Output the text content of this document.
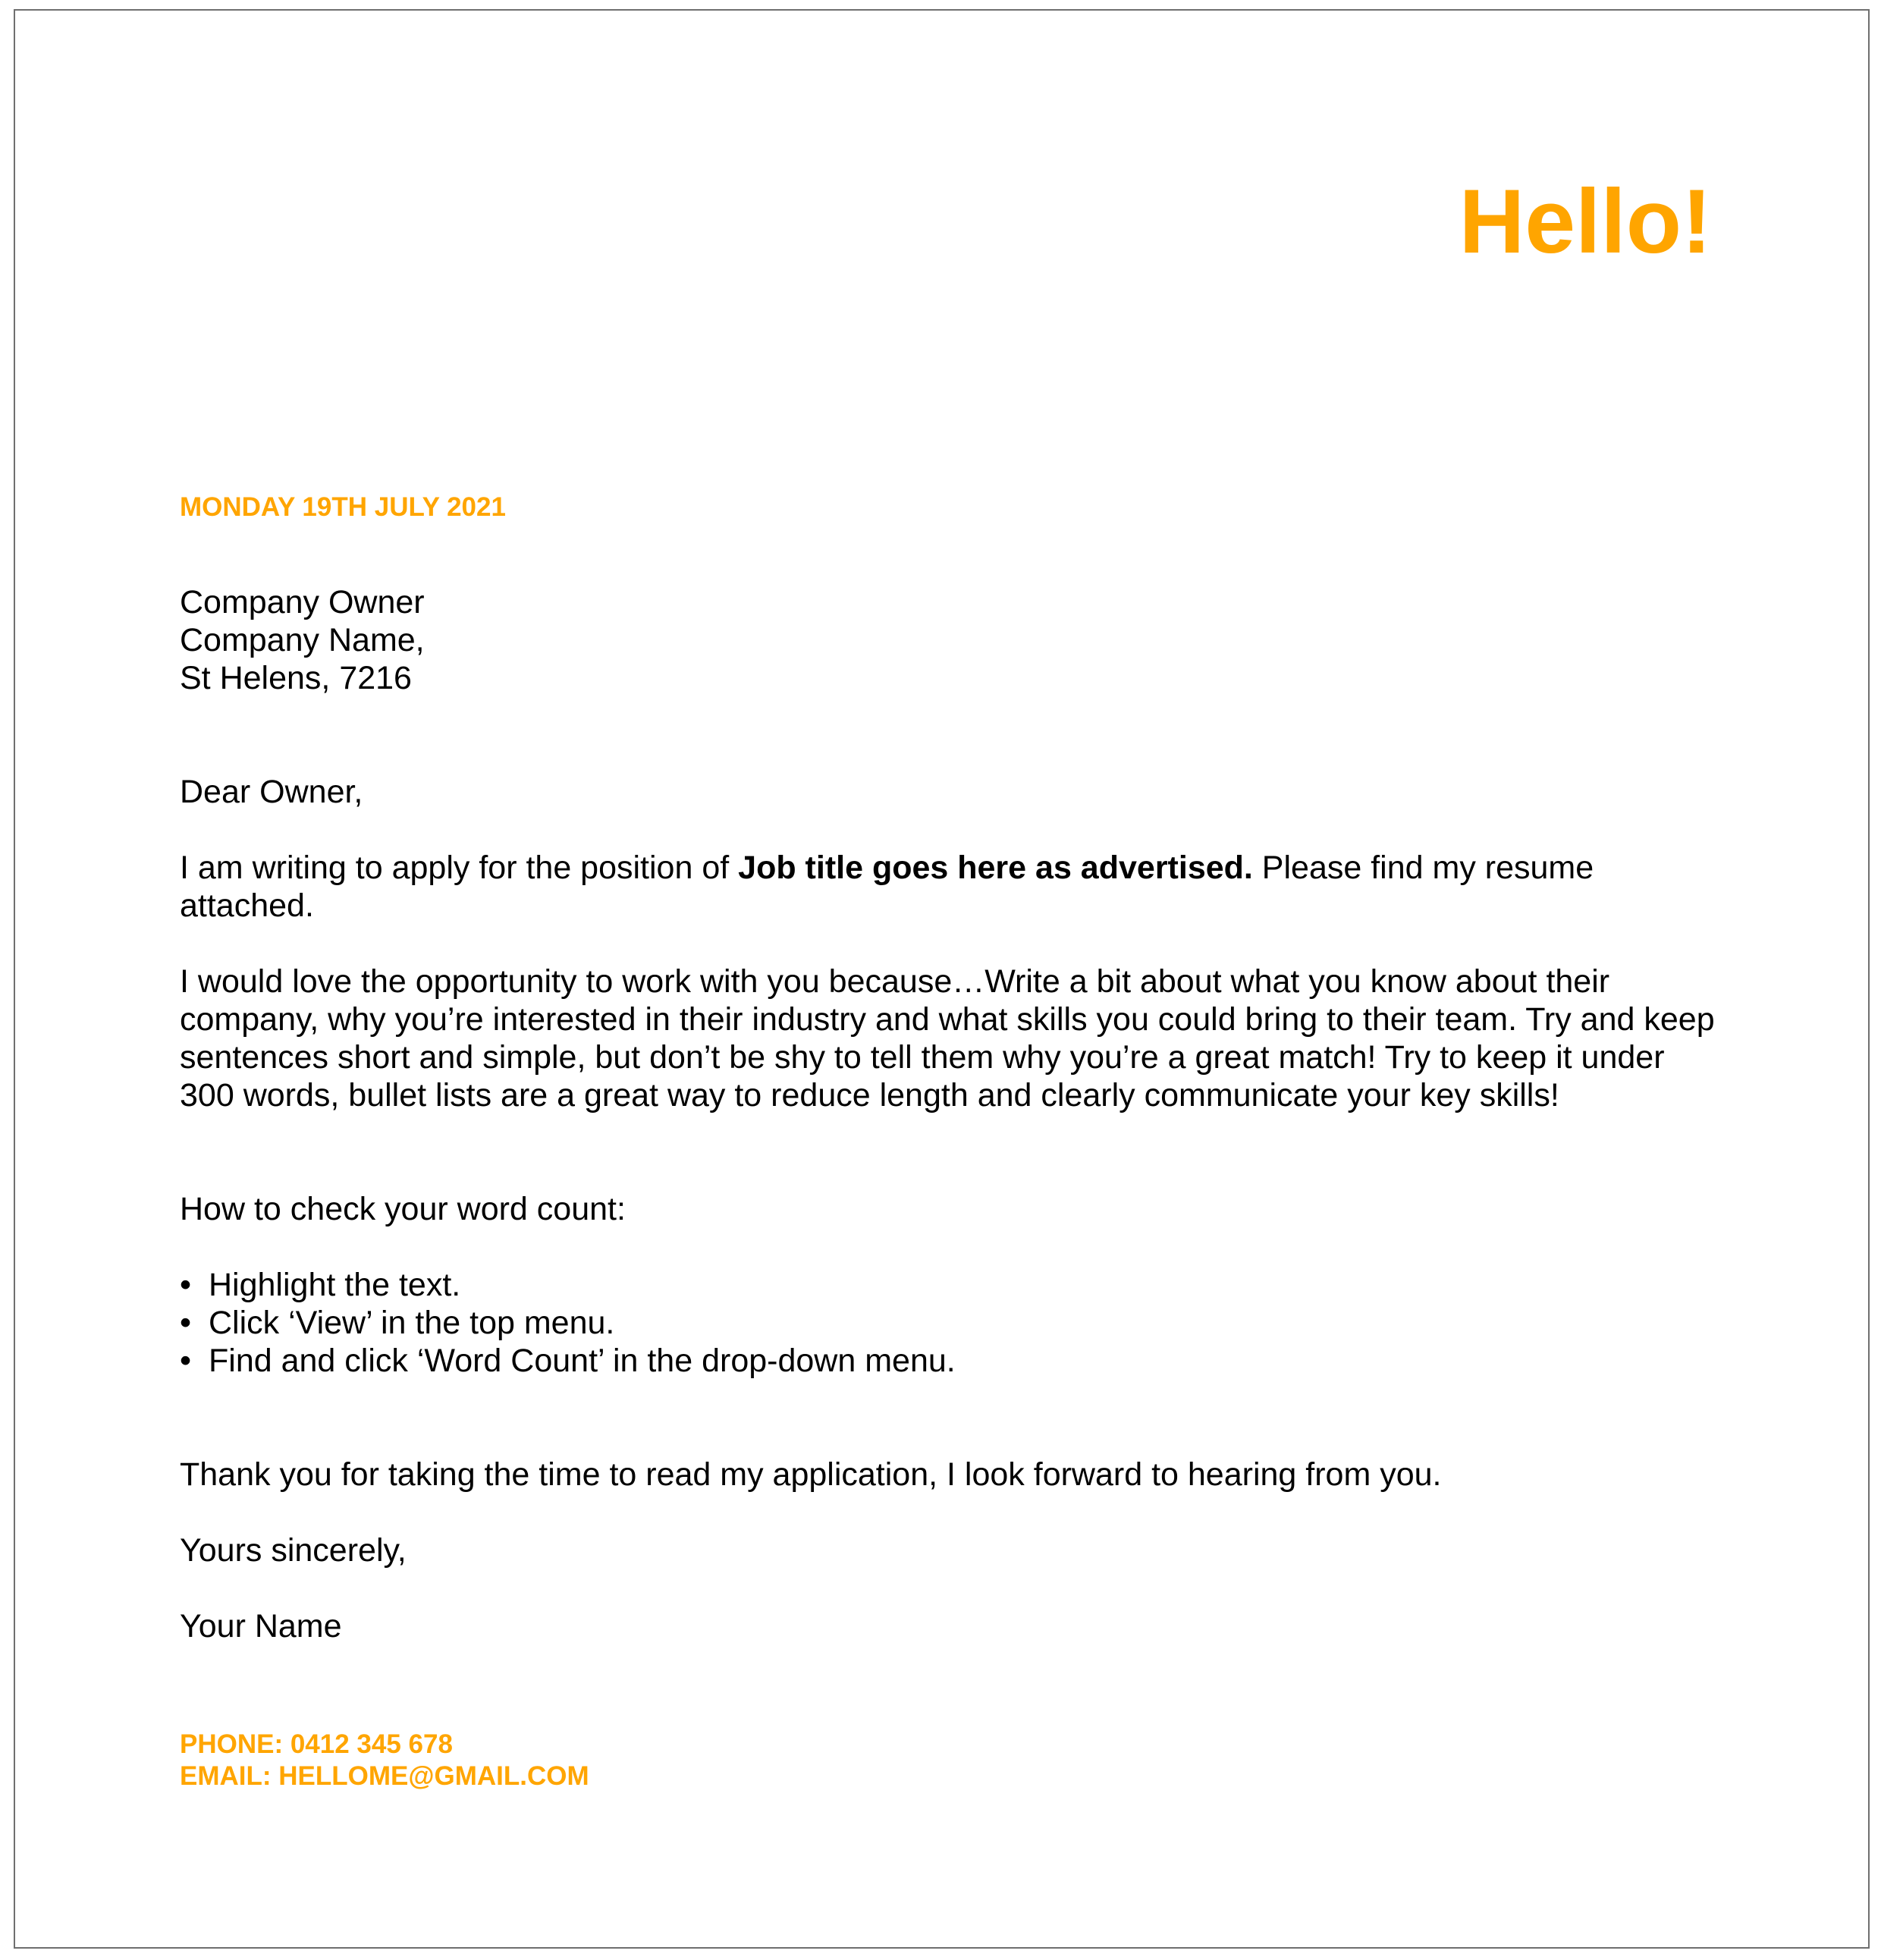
Hello!
MONDAY 19TH JULY 2021
Company Owner
Company Name,
St Helens, 7216

Dear Owner,

I am writing to apply for the position of Job title goes here as advertised. Please find my resume attached.

I would love the opportunity to work with you because…Write a bit about what you know about their company, why you’re interested in their industry and what skills you could bring to their team. Try and keep sentences short and simple, but don’t be shy to tell them why you’re a great match! Try to keep it under 300 words, bullet lists are a great way to reduce length and clearly communicate your key skills!

How to check your word count:

• Highlight the text.
• Click ‘View’ in the top menu.
• Find and click ‘Word Count’ in the drop-down menu.

Thank you for taking the time to read my application, I look forward to hearing from you.

Yours sincerely,

Your Name

PHONE: 0412 345 678
EMAIL: HELLOME@GMAIL.COM
